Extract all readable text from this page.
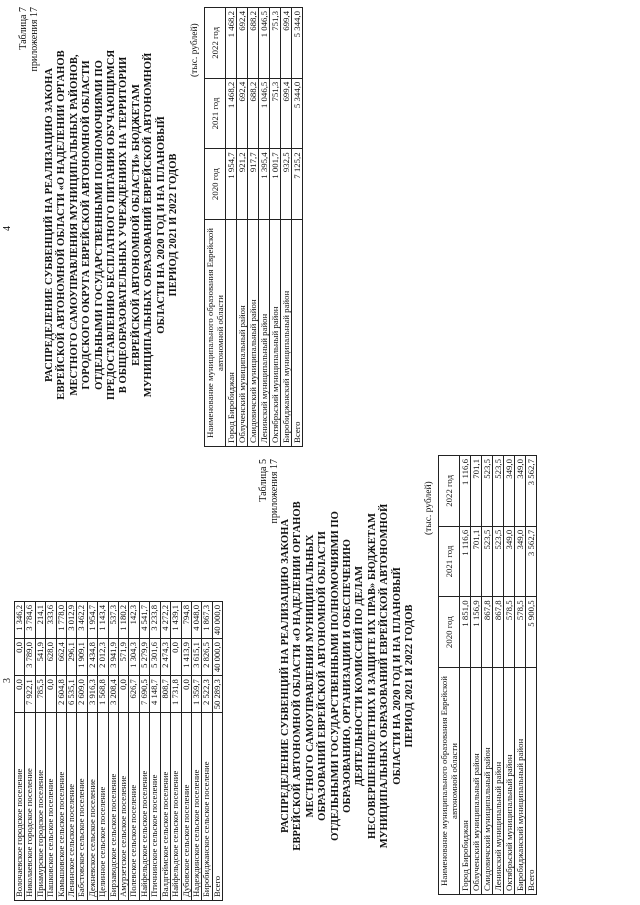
3
Волочаевское городское поселение	0,0	0,0	1 346,2
Николаевское городское поселение	7 922,1	3 789,0	3 784,6
Приамурское городское поселение	785,5	541,9	214,1
Пашковское сельское поселение	0,0	628,0	333,6
Камышовское сельское поселение	2 604,8	662,4	1 778,0
Ленинское сельское поселение	6 535,1	296,1	3 012,9
Бабстовское сельское поселение	2 609,0	1 909,1	3 462,2
Дежневское сельское поселение	3 916,3	2 434,8	1 954,7
Целинное сельское поселение	1 568,8	2 012,3	1 143,4
Бирзаводское сельское поселение	3 208,4	3 941,9	537,3
Амурзетское сельское поселение	0,0	571,9	1 180,2
Полевское сельское поселение	626,7	1 304,3	142,3
Найфельдское сельское поселение	7 690,5	5 279,9	4 541,7
Птичнинское сельское поселение	4 148,7	5 301,6	3 233,8
Валдгеймское сельское поселение	808,7	2 474,3	4 272,2
Найфельдское сельское поселение	1 731,8	0,0	1 439,1
Дубовское сельское поселение	0,0	1 413,9	794,8
Надеждинское сельское поселение	1 359,7	3 615,1	4 048,0
Биробиджанское сельское поселение	2 522,3	2 826,5	1 867,3
Всего	50 289,3	40 000,0	40 000,0
Таблица 5 приложения 17
РАСПРЕДЕЛЕНИЕ СУБВЕНЦИЙ НА РЕАЛИЗАЦИЮ ЗАКОНА ЕВРЕЙСКОЙ АВТОНОМНОЙ ОБЛАСТИ «О НАДЕЛЕНИИ ОРГАНОВ МЕСТНОГО САМОУПРАВЛЕНИЯ МУНИЦИПАЛЬНЫХ ОБРАЗОВАНИЙ ЕВРЕЙСКОЙ АВТОНОМНОЙ ОБЛАСТИ ОТДЕЛЬНЫМИ ГОСУДАРСТВЕННЫМИ ПОЛНОМОЧИЯМИ ПО ОБРАЗОВАНИЮ, ОРГАНИЗАЦИИ И ОБЕСПЕЧЕНИЮ ДЕЯТЕЛЬНОСТИ КОМИССИЙ ПО ДЕЛАМ НЕСОВЕРШЕННОЛЕТНИХ И ЗАЩИТЕ ИХ ПРАВ» БЮДЖЕТАМ МУНИЦИПАЛЬНЫХ ОБРАЗОВАНИЙ ЕВРЕЙСКОЙ АВТОНОМНОЙ ОБЛАСТИ НА 2020 ГОД И НА ПЛАНОВЫЙ ПЕРИОД 2021 И 2022 ГОДОВ
(тыс. рублей)
Наименование муниципального образования Еврейской автономной области	2020 год	2021 год	2022 год
Город Биробиджан	1 851,0	1 116,6	1 116,6
Облученский муниципальный район	1 156,9	701,1	701,1
Смидовичский муниципальный район	867,8	523,5	523,5
Ленинский муниципальный район	867,8	523,5	523,5
Октябрьский муниципальный район	578,5	349,0	349,0
Биробиджанский муниципальный район	578,5	349,0	349,0
Всего	5 900,5	3 562,7	3 562,7
4
Таблица 7 приложения 17
РАСПРЕДЕЛЕНИЕ СУБВЕНЦИЙ НА РЕАЛИЗАЦИЮ ЗАКОНА ЕВРЕЙСКОЙ АВТОНОМНОЙ ОБЛАСТИ «О НАДЕЛЕНИИ ОРГАНОВ МЕСТНОГО САМОУПРАВЛЕНИЯ МУНИЦИПАЛЬНЫХ РАЙОНОВ, ГОРОДСКОГО ОКРУГА ЕВРЕЙСКОЙ АВТОНОМНОЙ ОБЛАСТИ ОТДЕЛЬНЫМИ ГОСУДАРСТВЕННЫМИ ПОЛНОМОЧИЯМИ ПО ПРЕДОСТАВЛЕНИЮ БЕСПЛАТНОГО ПИТАНИЯ ОБУЧАЮЩИМСЯ В ОБЩЕОБРАЗОВАТЕЛЬНЫХ УЧРЕЖДЕНИЯХ НА ТЕРРИТОРИИ ЕВРЕЙСКОЙ АВТОНОМНОЙ ОБЛАСТИ» БЮДЖЕТАМ МУНИЦИПАЛЬНЫХ ОБРАЗОВАНИЙ ЕВРЕЙСКОЙ АВТОНОМНОЙ ОБЛАСТИ НА 2020 ГОД И НА ПЛАНОВЫЙ ПЕРИОД 2021 И 2022 ГОДОВ
(тыс. рублей)
Наименование муниципального образования Еврейской автономной области	2020 год	2021 год	2022 год
Город Биробиджан	1 954,7	1 468,2	1 468,2
Облученский муниципальный район	921,2	692,4	692,4
Смидовичский муниципальный район	917,7	688,2	688,2
Ленинский муниципальный район	1 395,4	1 046,5	1 046,5
Октябрьский муниципальный район	1 001,7	751,3	751,3
Биробиджанский муниципальный район	932,5	699,4	699,4
Всего	7 125,2	5 344,0	5 344,0
